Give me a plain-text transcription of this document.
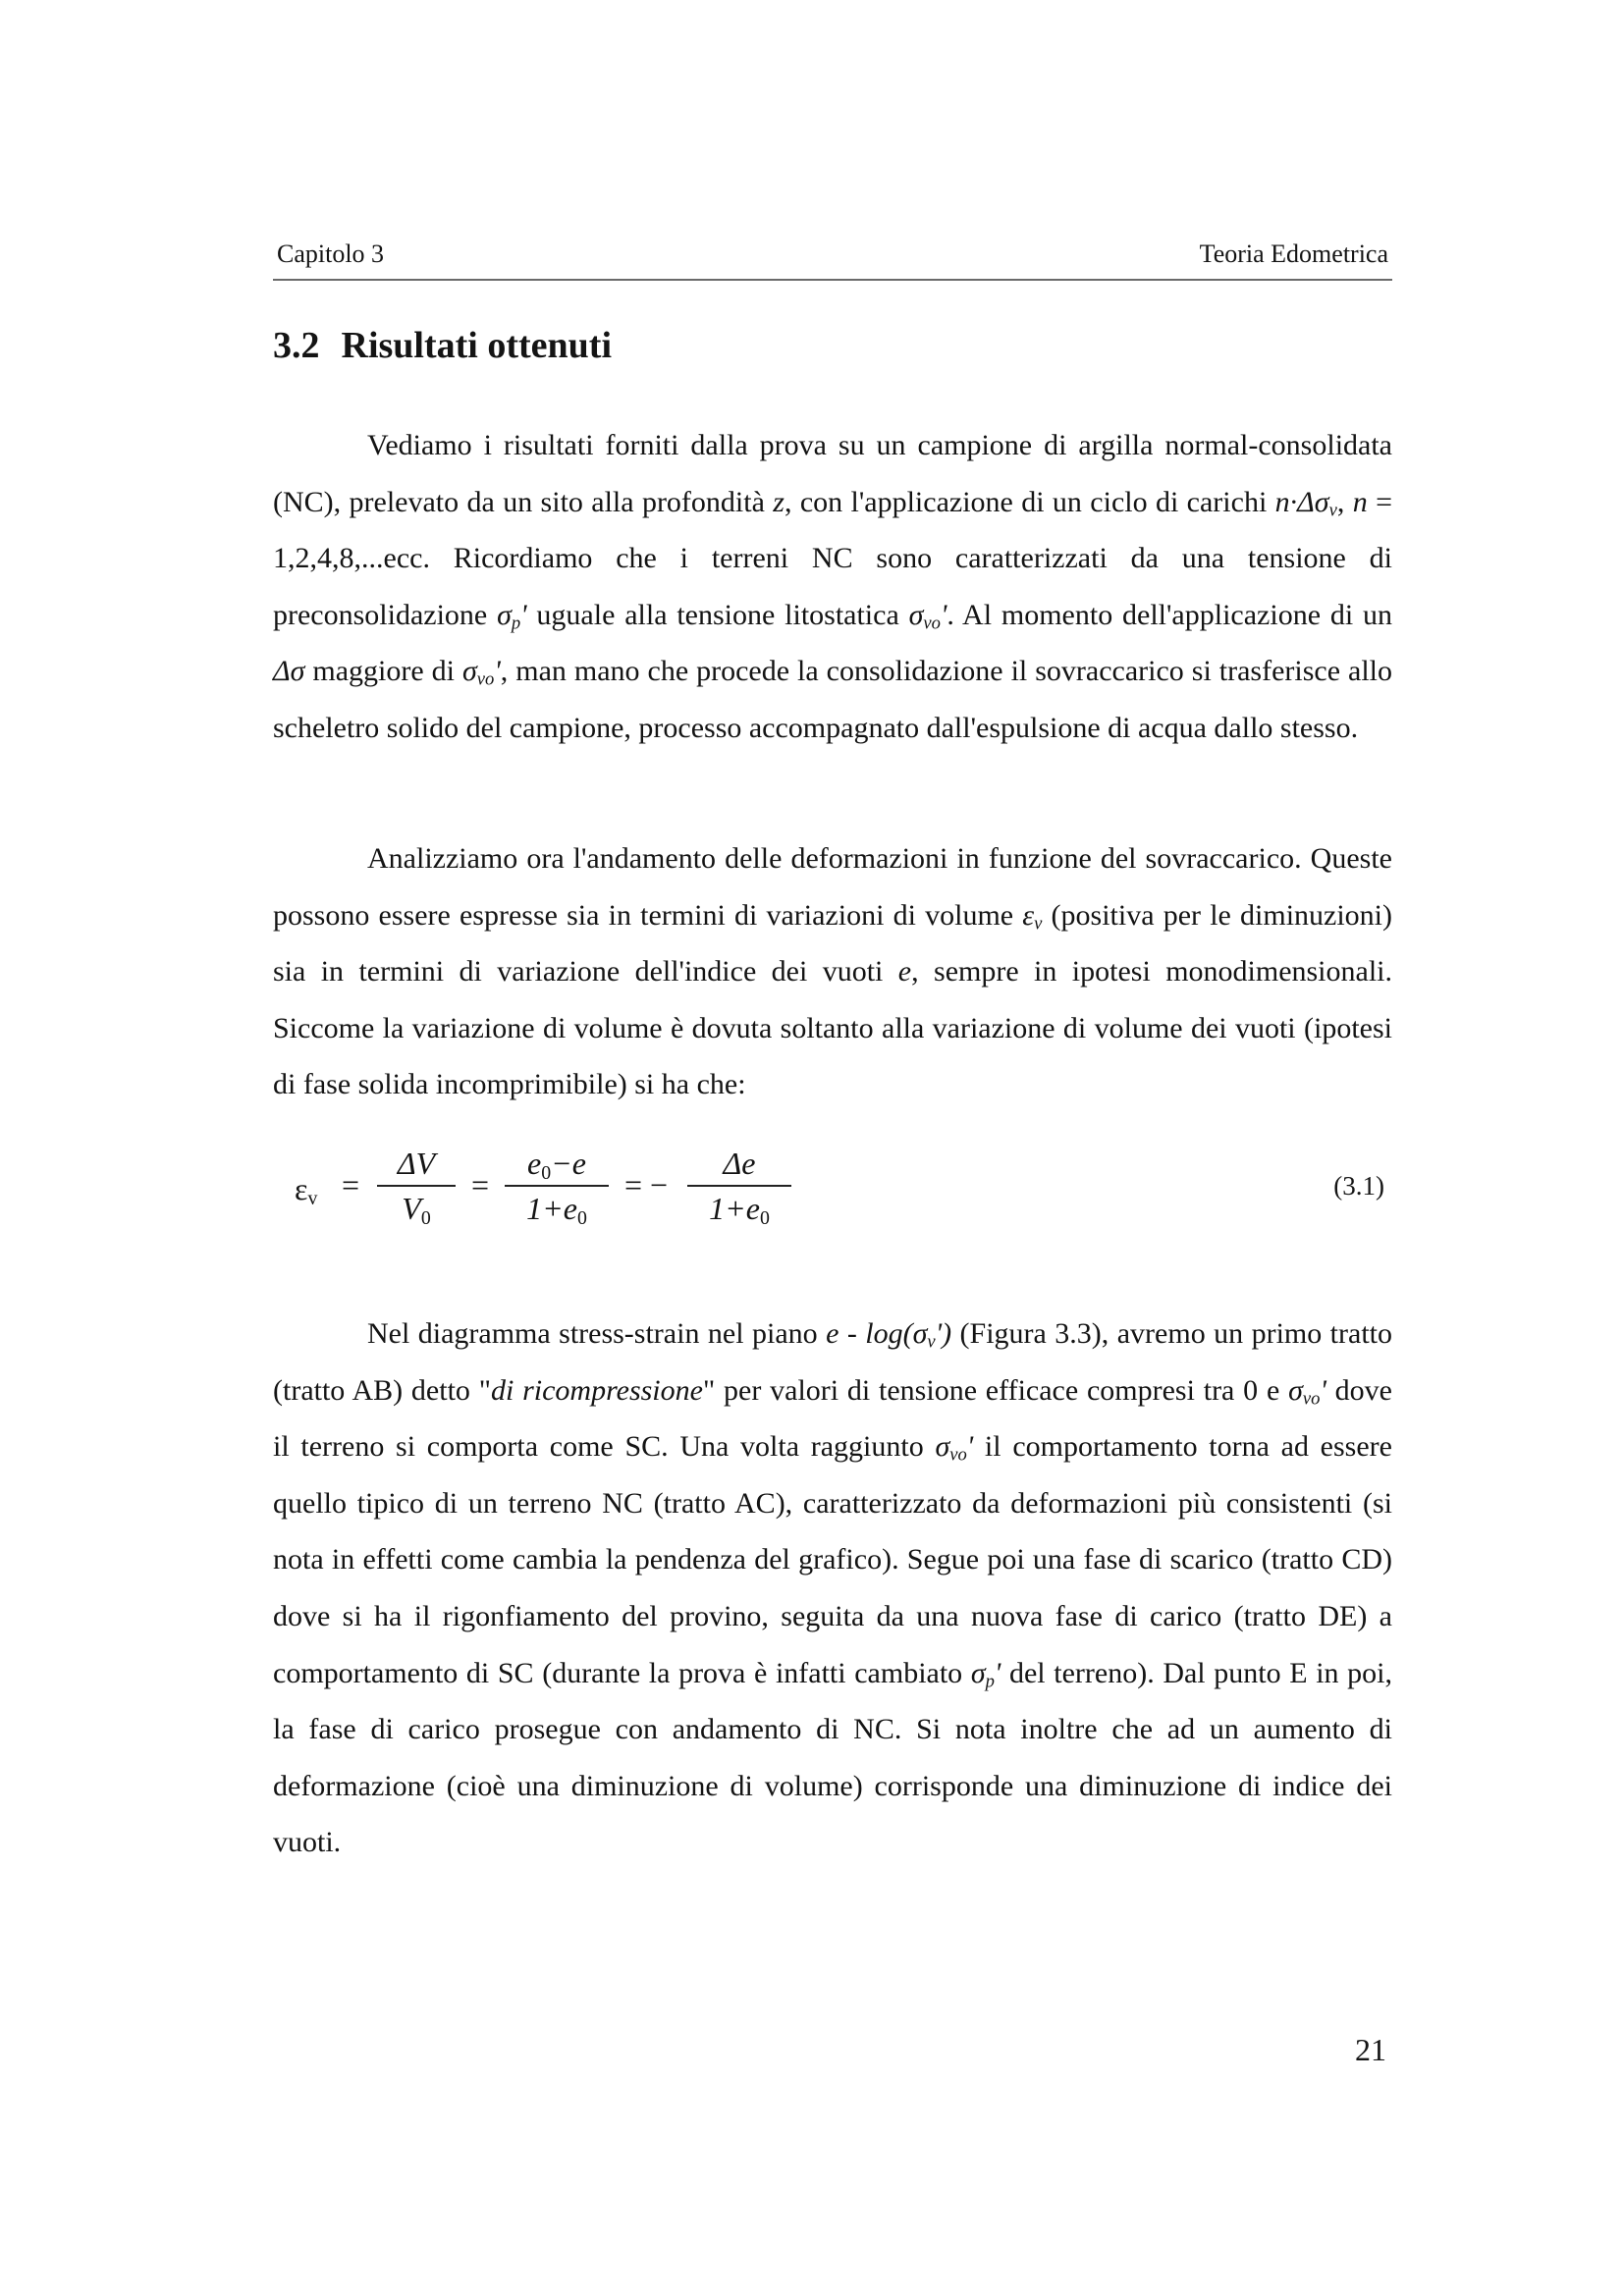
Capitolo 3	Teoria Edometrica
3.2 Risultati ottenuti

Vediamo i risultati forniti dalla prova su un campione di argilla normal-consolidata (NC), prelevato da un sito alla profondità z, con l'applicazione di un ciclo di carichi $n\cdot\Delta\sigma_v$, n = 1,2,4,8,...ecc. Ricordiamo che i terreni NC sono caratterizzati da una tensione di preconsolidazione $\sigma_p'$ uguale alla tensione litostatica $\sigma_{vo}'$. Al momento dell'applicazione di un Δσ maggiore di $\sigma_{vo}'$, man mano che procede la consolidazione il sovraccarico si trasferisce allo scheletro solido del campione, processo accompagnato dall'espulsione di acqua dallo stesso.

Analizziamo ora l'andamento delle deformazioni in funzione del sovraccarico. Queste possono essere espresse sia in termini di variazioni di volume $\varepsilon_v$ (positiva per le diminuzioni) sia in termini di variazione dell'indice dei vuoti e, sempre in ipotesi monodimensionali. Siccome la variazione di volume è dovuta soltanto alla variazione di volume dei vuoti (ipotesi di fase solida incomprimibile) si ha che:

$\varepsilon_v$ =
ΔV
$V_0$
=
$e_0-e$
$1+e_0$
= −
Δe
$1+e_0$
(3.1)

Nel diagramma stress-strain nel piano e - $\log(\sigma_v')$ (Figura 3.3), avremo un primo tratto (tratto AB) detto "di ricompressione" per valori di tensione efficace compresi tra 0 e $\sigma_{vo}'$ dove il terreno si comporta come SC. Una volta raggiunto $\sigma_{vo}'$ il comportamento torna ad essere quello tipico di un terreno NC (tratto AC), caratterizzato da deformazioni più consistenti (si nota in effetti come cambia la pendenza del grafico). Segue poi una fase di scarico (tratto CD) dove si ha il rigonfiamento del provino, seguita da una nuova fase di carico (tratto DE) a comportamento di SC (durante la prova è infatti cambiato $\sigma_p'$ del terreno). Dal punto E in poi, la fase di carico prosegue con andamento di NC. Si nota inoltre che ad un aumento di deformazione (cioè una diminuzione di volume) corrisponde una diminuzione di indice dei vuoti.

21
